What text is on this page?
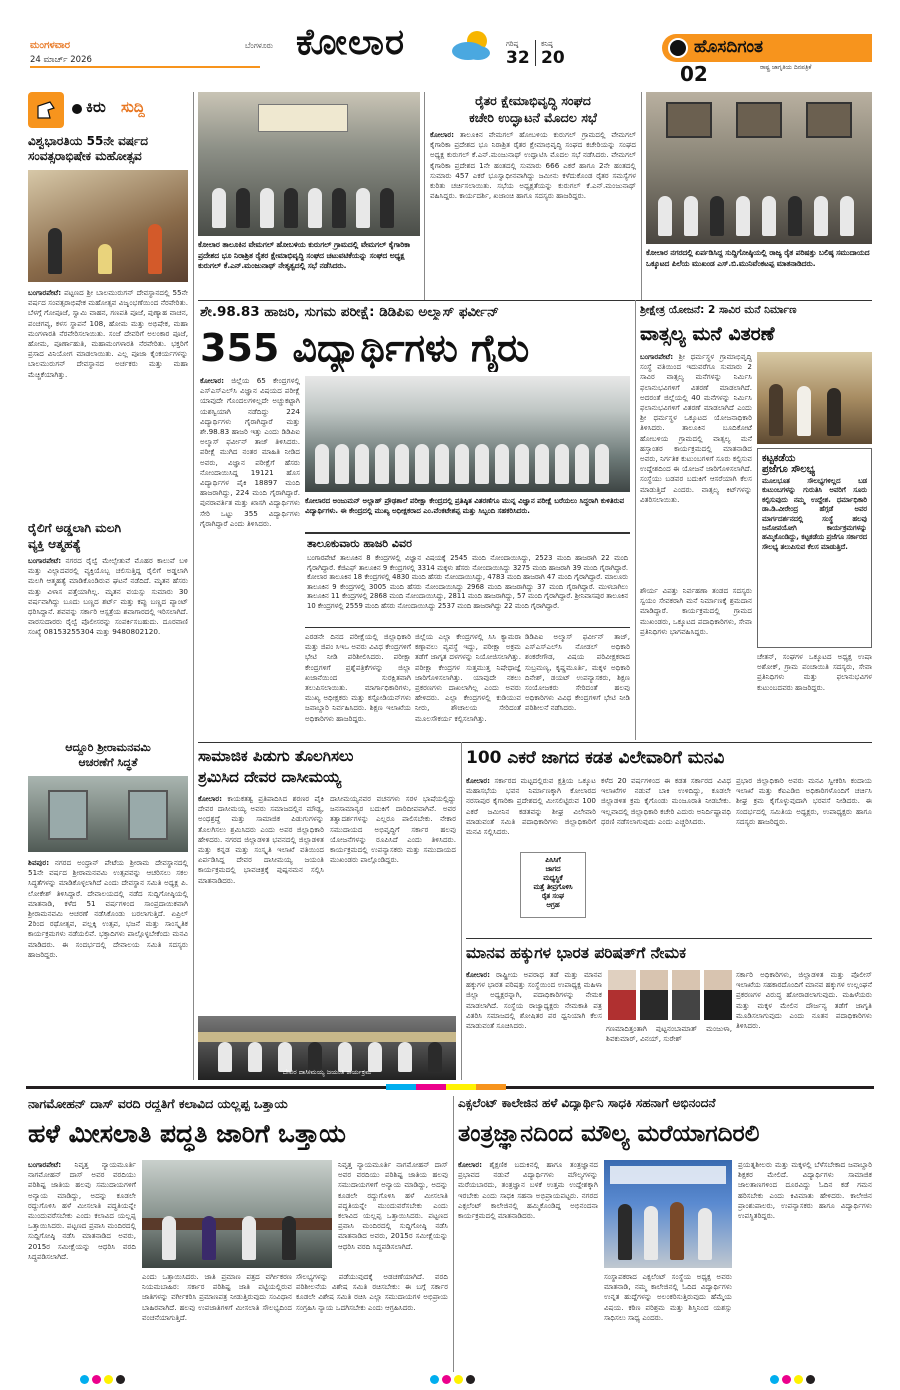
ಮಂಗಳವಾರ
24 ಮಾರ್ಚ್ 2026
ಬೆಂಗಳೂರು ಕೋಲಾರ	ಗರಿಷ್ಠ
32
ಕನಿಷ್ಠ
20
ಹೊಸದಿಗಂತ
ರಾಷ್ಟ್ರ ಜಾಗೃತಿಯ ದಿನಪತ್ರಿಕೆ
02
ಕಿರು ಸುದ್ದಿ
ವಿಶ್ವಭಾರತಿಯ 55ನೇ ವರ್ಷದ
ಸಂವತ್ಸರಾಭಿಷೇಕ ಮಹೋತ್ಸವ
ಬಂಗಾರಪೇಟೆ: ಪಟ್ಟಣದ ಶ್ರೀ ಬಾಲಮುರುಗನ್ ದೇವಸ್ಥಾನದಲ್ಲಿ 55ನೇ ವರ್ಷದ ಸಂವತ್ಸರಾಭಿಷೇಕ ಮಹೋತ್ಸವ ವಿಜೃಂಭಣೆಯಿಂದ ನೆರವೇರಿತು. ಬೆಳಗ್ಗೆ ಗೋಪೂಜೆ, ಸ್ವಾಮಿ ವಾಹನ, ಗಣಪತಿ ಪೂಜೆ, ಪುಣ್ಯಾಹ ವಾಚನ, ಪಂಚಗವ್ಯ, ಕಳಸ ಸ್ಥಾಪನೆ 108, ಹೋಮ ಮತ್ತು ಅಭಿಷೇಕ, ಮಹಾ ಮಂಗಳಾರತಿ ನೆರವೇರಿಸಲಾಯಿತು. ಸಂಜೆ ದೇವರಿಗೆ ಅಲಂಕಾರ ಪೂಜೆ, ಹೋಮ, ಪೂರ್ಣಾಹುತಿ, ಮಹಾಮಂಗಳಾರತಿ ನೆರವೇರಿತು. ಭಕ್ತರಿಗೆ ಪ್ರಸಾದ ವಿನಿಯೋಗ ಮಾಡಲಾಯಿತು. ಎಲ್ಲ ಪೂಜಾ ಕೈಂಕರ್ಯಗಳನ್ನು ಬಾಲಮುರುಗನ್ ದೇವಸ್ಥಾನದ ಅರ್ಚಕರು ಮತ್ತು ಮಹಾ ಮೆಚ್ಚಿಕೆಯಾಗಿತ್ತು.
ರೈಲಿಗೆ ಅಡ್ಡಲಾಗಿ ಮಲಗಿ
ವ್ಯಕ್ತಿ ಆತ್ಮಹತ್ಯೆ
ಬಂಗಾರಪೇಟೆ: ನಗರದ ರೈಲ್ವೆ ಮೇಲ್ಸೇತುವೆ ಮೊಹರ ಕಾಲುವೆ ಬಳಿ ಮತ್ತು ವಿಲ್ಲಾದವರಲ್ಲಿ ವ್ಯಕ್ತಿಯೊಬ್ಬ ಚಲಿಸುತ್ತಿದ್ದ ರೈಲಿಗೆ ಅಡ್ಡಲಾಗಿ ಮಲಗಿ ಆತ್ಮಹತ್ಯೆ ಮಾಡಿಕೊಂಡಿರುವ ಘಟನೆ ನಡೆದಿದೆ. ಮೃತನ ಹೆಸರು ಮತ್ತು ವಿಳಾಸ ಪತ್ತೆಯಾಗಿಲ್ಲ. ಮೃತನ ವಯಸ್ಸು ಸುಮಾರು 30 ವರ್ಷವಾಗಿದ್ದು ಬೂದು ಬಣ್ಣದ ಶರ್ಟ್ ಮತ್ತು ಕಪ್ಪು ಬಣ್ಣದ ಪ್ಯಾಂಟ್ ಧರಿಸಿದ್ದಾನೆ. ಶವವನ್ನು ಸರ್ಕಾರಿ ಆಸ್ಪತ್ರೆಯ ಶವಾಗಾರದಲ್ಲಿ ಇರಿಸಲಾಗಿದೆ. ವಾರಸುದಾರರು ರೈಲ್ವೆ ಪೊಲೀಸರನ್ನು ಸಂಪರ್ಕಿಸಬಹುದು. ದೂರವಾಣಿ ಸಂಖ್ಯೆ 08153255304 ಮತ್ತು 9480802120.
ಆದ್ದೂರಿ ಶ್ರೀರಾಮನವಮಿ
ಆಚರಣೆಗೆ ಸಿದ್ಧತೆ
ಶಿವಪುರ: ನಗರದ ಅಂಧ್ರಾನ್ ಪೇಟೆಯ ಶ್ರೀರಾಮ ದೇವಸ್ಥಾನದಲ್ಲಿ 51ನೇ ವರ್ಷದ ಶ್ರೀರಾಮನವಮಿ ಉತ್ಸವವನ್ನು ಆಚರಿಸಲು ಸಕಲ ಸಿದ್ಧತೆಗಳನ್ನು ಮಾಡಿಕೊಳ್ಳಲಾಗಿದೆ ಎಂದು ದೇವಸ್ಥಾನ ಸಮಿತಿ ಅಧ್ಯಕ್ಷ ಪಿ. ಲೋಕೇಶ್ ತಿಳಿಸಿದ್ದಾರೆ. ದೇವಾಲಯದಲ್ಲಿ ನಡೆದ ಸುದ್ದಿಗೋಷ್ಠಿಯಲ್ಲಿ ಮಾತನಾಡಿ, ಕಳೆದ 51 ವರ್ಷಗಳಿಂದ ಸಾಂಪ್ರದಾಯಿಕವಾಗಿ ಶ್ರೀರಾಮನವಮಿ ಆಚರಣೆ ನಡೆಸಿಕೊಂಡು ಬರಲಾಗುತ್ತಿದೆ. ಏಪ್ರಿಲ್ 2ರಿಂದ ರಥೋತ್ಸವ, ಪಲ್ಲಕ್ಕಿ ಉತ್ಸವ, ಭಜನೆ ಮತ್ತು ಸಾಂಸ್ಕೃತಿಕ ಕಾರ್ಯಕ್ರಮಗಳು ನಡೆಯಲಿವೆ. ಭಕ್ತಾದಿಗಳು ಪಾಲ್ಗೊಳ್ಳಬೇಕೆಂದು ಮನವಿ ಮಾಡಿದರು. ಈ ಸಂದರ್ಭದಲ್ಲಿ ದೇವಾಲಯ ಸಮಿತಿ ಸದಸ್ಯರು ಹಾಜರಿದ್ದರು.
ಕೋಲಾರ ತಾಲೂಕಿನ ವೇಮಗಲ್ ಹೋಬಳಿಯ ಕುರುಗಲ್ ಗ್ರಾಮದಲ್ಲಿ ವೇಮಗಲ್ ಕೈಗಾರಿಕಾ ಪ್ರದೇಶದ ಭೂ ನಿರಾಶ್ರಿತ ರೈತರ ಕ್ಷೇಮಾಭಿವೃದ್ಧಿ ಸಂಘದ ಚಟುವಟಿಕೆಯನ್ನು ಸಂಘದ ಅಧ್ಯಕ್ಷ ಕುರುಗಲ್ ಕೆ.ಎನ್.ಮಂಜುನಾಥ್ ನೇತೃತ್ವದಲ್ಲಿ ಸಭೆ ನಡೆಸಿದರು.
ರೈತರ ಕ್ಷೇಮಾಭಿವೃದ್ಧಿ ಸಂಘದ
ಕಚೇರಿ ಉದ್ಘಾಟನೆ ಮೊದಲ ಸಭೆ
ಕೋಲಾರ: ತಾಲೂಕಿನ ವೇಮಗಲ್ ಹೋಬಳಿಯ ಕುರುಗಲ್ ಗ್ರಾಮದಲ್ಲಿ ವೇಮಗಲ್ ಕೈಗಾರಿಕಾ ಪ್ರದೇಶದ ಭೂ ನಿರಾಶ್ರಿತ ರೈತರ ಕ್ಷೇಮಾಭಿವೃದ್ಧಿ ಸಂಘದ ಕಚೇರಿಯನ್ನು ಸಂಘದ ಅಧ್ಯಕ್ಷ ಕುರುಗಲ್ ಕೆ.ಎನ್.ಮಂಜುನಾಥ್ ಉದ್ಘಾಟಿಸಿ ಮೊದಲ ಸಭೆ ನಡೆಸಿದರು. ವೇಮಗಲ್ ಕೈಗಾರಿಕಾ ಪ್ರದೇಶದ 1ನೇ ಹಂತದಲ್ಲಿ ಸುಮಾರು 666 ಎಕರೆ ಹಾಗೂ 2ನೇ ಹಂತದಲ್ಲಿ ಸುಮಾರು 457 ಎಕರೆ ಭೂಸ್ವಾಧೀನವಾಗಿದ್ದು ಜಮೀನು ಕಳೆದುಕೊಂಡ ರೈತರ ಸಮಸ್ಯೆಗಳ ಕುರಿತು ಚರ್ಚಿಸಲಾಯಿತು. ಸಭೆಯ ಅಧ್ಯಕ್ಷತೆಯನ್ನು ಕುರುಗಲ್ ಕೆ.ಎನ್.ಮಂಜುನಾಥ್ ವಹಿಸಿದ್ದರು. ಕಾರ್ಯದರ್ಶಿ, ಖಜಾಂಚಿ ಹಾಗೂ ಸದಸ್ಯರು ಹಾಜರಿದ್ದರು.
ಕೋಲಾರ ನಗರದಲ್ಲಿ ಏರ್ಪಡಿಸಿದ್ದ ಸುದ್ದಿಗೋಷ್ಠಿಯಲ್ಲಿ ರಾಜ್ಯ ರೈತ ಪರಿಷತ್ತು ಬಲಿಷ್ಠ ಸಮುದಾಯದ ಒಕ್ಕೂಟದ ಪಿಲೆಯ ಮುಖಂಡ ಎಸ್.ಬಿ.ಮುನಿವೆಂಕಟಪ್ಪ ಮಾತನಾಡಿದರು.
ಶೇ.98.83 ಹಾಜರಿ, ಸುಗಮ ಪರೀಕ್ಷೆ: ಡಿಡಿಪಿಐ ಅಲ್ಮಾಸ್ ಫರ್ವೀನ್
355 ವಿದ್ಯಾರ್ಥಿಗಳು ಗೈರು
ಕೋಲಾರ: ಜಿಲ್ಲೆಯ 65 ಕೇಂದ್ರಗಳಲ್ಲಿ ಎಸ್ಎಸ್ಎಲ್‌ಸಿ ವಿಜ್ಞಾನ ವಿಷಯದ ಪರೀಕ್ಷೆ ಯಾವುದೇ ಗೊಂದಲಗಳಿಲ್ಲದೇ ಅಚ್ಚುಕಟ್ಟಾಗಿ ಯಶಸ್ವಿಯಾಗಿ ನಡೆದಿದ್ದು 224 ವಿದ್ಯಾರ್ಥಿಗಳು ಗೈರಾಗಿದ್ದಾರೆ ಮತ್ತು ಶೇ.98.83 ಹಾಜರಿ ಇತ್ತು ಎಂದು ಡಿಡಿಪಿಐ ಅಲ್ಮಾಸ್ ಫರ್ವೀನ್ ತಾಜ್ ತಿಳಿಸಿದರು. ಪರೀಕ್ಷೆ ಮುಗಿದ ನಂತರ ಮಾಹಿತಿ ನೀಡಿದ ಅವರು, ವಿಜ್ಞಾನ ಪರೀಕ್ಷೆಗೆ ಹೆಸರು ನೋಂದಾಯಿಸಿದ್ದ 19121 ಹೊಸ ವಿದ್ಯಾರ್ಥಿಗಳ ಪೈಕಿ 18897 ಮಂದಿ ಹಾಜರಾಗಿದ್ದು, 224 ಮಂದಿ ಗೈರಾಗಿದ್ದಾರೆ. ಪುನರಾವರ್ತಿತ ಮತ್ತು ಖಾಸಗಿ ವಿದ್ಯಾರ್ಥಿಗಳು ಸೇರಿ ಒಟ್ಟು 355 ವಿದ್ಯಾರ್ಥಿಗಳು ಗೈರಾಗಿದ್ದಾರೆ ಎಂದು ತಿಳಿಸಿದರು.
ಕೋಲಾರದ ಅಂಜುಮನ್ ಅಲ್ಲಾಹ್ ಪ್ರೌಢಶಾಲೆ ಪರೀಕ್ಷಾ ಕೇಂದ್ರದಲ್ಲಿ ಪ್ರತಿಷ್ಠಿತ ವಿತರಣೆಗೂ ಮುನ್ನ ವಿಜ್ಞಾನ ಪರೀಕ್ಷೆ ಬರೆಯಲು ಸಿದ್ಧರಾಗಿ ಕುಳಿತಿರುವ ವಿದ್ಯಾರ್ಥಿಗಳು. ಈ ಕೇಂದ್ರದಲ್ಲಿ ಮುಖ್ಯ ಅಧೀಕ್ಷಕರಾದ ಎಂ.ವೆಂಕಟೇಶಪ್ಪ ಮತ್ತು ಸಿಬ್ಬಂದಿ ಸಹಕರಿಸಿದರು.
ತಾಲೂಕುವಾರು ಹಾಜರಿ ವಿವರ
ಬಂಗಾರಪೇಟೆ ತಾಲೂಕಿನ 8 ಕೇಂದ್ರಗಳಲ್ಲಿ ವಿಜ್ಞಾನ ವಿಷಯಕ್ಕೆ 2545 ಮಂದಿ ನೋಂದಾಯಿಸಿದ್ದು, 2523 ಮಂದಿ ಹಾಜರಾಗಿ 22 ಮಂದಿ ಗೈರಾಗಿದ್ದಾರೆ. ಕೆಜಿಎಫ್ ತಾಲೂಕಿನ 9 ಕೇಂದ್ರಗಳಲ್ಲಿ 3314 ಮಕ್ಕಳು ಹೆಸರು ನೋಂದಾಯಿಸಿದ್ದು 3275 ಮಂದಿ ಹಾಜರಾಗಿ 39 ಮಂದಿ ಗೈರಾಗಿದ್ದಾರೆ. ಕೋಲಾರ ತಾಲೂಕಿನ 18 ಕೇಂದ್ರಗಳಲ್ಲಿ 4830 ಮಂದಿ ಹೆಸರು ನೋಂದಾಯಿಸಿದ್ದು, 4783 ಮಂದಿ ಹಾಜರಾಗಿ 47 ಮಂದಿ ಗೈರಾಗಿದ್ದಾರೆ. ಮಾಲೂರು ತಾಲೂಕಿನ 9 ಕೇಂದ್ರಗಳಲ್ಲಿ 3005 ಮಂದಿ ಹೆಸರು ನೋಂದಾಯಿಸಿದ್ದು 2968 ಮಂದಿ ಹಾಜರಾಗಿದ್ದು 37 ಮಂದಿ ಗೈರಾಗಿದ್ದಾರೆ. ಮುಳಬಾಗಿಲು ತಾಲೂಕಿನ 11 ಕೇಂದ್ರಗಳಲ್ಲಿ 2868 ಮಂದಿ ನೋಂದಾಯಿಸಿದ್ದು, 2811 ಮಂದಿ ಹಾಜರಾಗಿದ್ದು, 57 ಮಂದಿ ಗೈರಾಗಿದ್ದಾರೆ. ಶ್ರೀನಿವಾಸಪುರ ತಾಲೂಕಿನ 10 ಕೇಂದ್ರಗಳಲ್ಲಿ 2559 ಮಂದಿ ಹೆಸರು ನೋಂದಾಯಿಸಿದ್ದು 2537 ಮಂದಿ ಹಾಜರಾಗಿದ್ದು 22 ಮಂದಿ ಗೈರಾಗಿದ್ದಾರೆ.
ಎರಡನೇ ದಿನದ ಪರೀಕ್ಷೆಯಲ್ಲಿ ಜಿಲ್ಲಾಧಿಕಾರಿ ಮತ್ತು ಜಿಪಂ ಸಿಇಒ ಅವರು ವಿವಿಧ ಕೇಂದ್ರಗಳಿಗೆ ಭೇಟಿ ನೀಡಿ ಪರಿಶೀಲಿಸಿದರು. ಪರೀಕ್ಷಾ ಕೇಂದ್ರಗಳಿಗೆ ಪ್ರಶ್ನೆಪತ್ರಿಕೆಗಳನ್ನು ಜಿಲ್ಲಾ ಖಜಾನೆಯಿಂದ ಸುರಕ್ಷಿತವಾಗಿ ತಲುಪಿಸಲಾಯಿತು. ಮಾರ್ಗಾಧಿಕಾರಿಗಳು, ಮುಖ್ಯ ಅಧೀಕ್ಷಕರು ಮತ್ತು ಕಸ್ಟೋಡಿಯನ್‌ಗಳು ಜವಾಬ್ದಾರಿ ನಿರ್ವಹಿಸಿದರು. ಶಿಕ್ಷಣ ಇಲಾಖೆಯ ಅಧಿಕಾರಿಗಳು ಹಾಜರಿದ್ದರು.
ಜಿಲ್ಲೆಯ ಎಲ್ಲಾ ಕೇಂದ್ರಗಳಲ್ಲಿ ಸಿಸಿ ಕ್ಯಾಮರಾ ಕಣ್ಗಾವಲು ವ್ಯವಸ್ಥೆ ಇದ್ದು, ಪರೀಕ್ಷಾ ಅಕ್ರಮ ತಡೆಗೆ ಜಾಗೃತ ದಳಗಳನ್ನು ನಿಯೋಜಿಸಲಾಗಿತ್ತು. ಪರೀಕ್ಷಾ ಕೇಂದ್ರಗಳ ಸುತ್ತಮುತ್ತ ನಿಷೇಧಾಜ್ಞೆ ಜಾರಿಗೊಳಿಸಲಾಗಿತ್ತು. ಯಾವುದೇ ನಕಲು ಪ್ರಕರಣಗಳು ದಾಖಲಾಗಿಲ್ಲ ಎಂದು ಅವರು ಹೇಳಿದರು. ಎಲ್ಲಾ ಕೇಂದ್ರಗಳಲ್ಲಿ ಕುಡಿಯುವ ನೀರು, ಶೌಚಾಲಯ ಸೇರಿದಂತೆ ಮೂಲಸೌಕರ್ಯ ಕಲ್ಪಿಸಲಾಗಿತ್ತು.
ಡಿಡಿಪಿಐ ಅಲ್ಮಾಸ್ ಫರ್ವೀನ್ ತಾಜ್, ಎಸ್ಎಸ್ಎಲ್‌ಸಿ ನೋಡಲ್ ಅಧಿಕಾರಿ ಶಂಕರೇಗೌಡ, ವಿಷಯ ಪರಿವೀಕ್ಷಕರಾದ ಸುಬ್ರಮಣ್ಯ, ಕೃಷ್ಣಮೂರ್ತಿ, ಮಕ್ಕಳ ಅಧಿಕಾರಿ ದಿನೇಶ್, ಡಯಟ್ ಉಪನ್ಯಾಸಕರು, ಶಿಕ್ಷಣ ಸಂಯೋಜಕರು ಸೇರಿದಂತೆ ಹಲವು ಅಧಿಕಾರಿಗಳು ವಿವಿಧ ಕೇಂದ್ರಗಳಿಗೆ ಭೇಟಿ ನೀಡಿ ಪರಿಶೀಲನೆ ನಡೆಸಿದರು.
ಶ್ರೀಕ್ಷೇತ್ರ ಯೋಜನೆ: 2 ಸಾವಿರ ಮನೆ ನಿರ್ಮಾಣ
ವಾತ್ಸಲ್ಯ ಮನೆ ವಿತರಣೆ
ಬಂಗಾರಪೇಟೆ: ಶ್ರೀ ಧರ್ಮಸ್ಥಳ ಗ್ರಾಮಾಭಿವೃದ್ಧಿ ಸಂಸ್ಥೆ ವತಿಯಿಂದ ಇದುವರೆಗೂ ಸುಮಾರು 2 ಸಾವಿರ ವಾತ್ಸಲ್ಯ ಮನೆಗಳನ್ನು ನಿರ್ಮಿಸಿ ಫಲಾನುಭವಿಗಳಿಗೆ ವಿತರಣೆ ಮಾಡಲಾಗಿದೆ. ಅದರಂತೆ ಜಿಲ್ಲೆಯಲ್ಲಿ 40 ಮನೆಗಳನ್ನು ನಿರ್ಮಿಸಿ ಫಲಾನುಭವಿಗಳಿಗೆ ವಿತರಣೆ ಮಾಡಲಾಗಿದೆ ಎಂದು ಶ್ರೀ ಧರ್ಮಸ್ಥಳ ಒಕ್ಕೂಟದ ಯೋಜನಾಧಿಕಾರಿ ತಿಳಿಸಿದರು. ತಾಲೂಕಿನ ಬೂದಿಕೋಟೆ ಹೋಬಳಿಯ ಗ್ರಾಮದಲ್ಲಿ ವಾತ್ಸಲ್ಯ ಮನೆ ಹಸ್ತಾಂತರ ಕಾರ್ಯಕ್ರಮದಲ್ಲಿ ಮಾತನಾಡಿದ ಅವರು, ನಿರ್ಗತಿಕ ಕುಟುಂಬಗಳಿಗೆ ಸೂರು ಕಲ್ಪಿಸುವ ಉದ್ದೇಶದಿಂದ ಈ ಯೋಜನೆ ಜಾರಿಗೊಳಿಸಲಾಗಿದೆ. ಸಂಸ್ಥೆಯು ಬಡವರ ಬದುಕಿಗೆ ಆಸರೆಯಾಗಿ ಕೆಲಸ ಮಾಡುತ್ತಿದೆ ಎಂದರು. ವಾತ್ಸಲ್ಯ ಕಿಟ್‌ಗಳನ್ನು ವಿತರಿಸಲಾಯಿತು.
ಕಟ್ಟಕಡೆಯ
ಪ್ರಜೆಗೂ ಸೌಲಭ್ಯ
ಮೂಲಭೂತ ಸೌಲಭ್ಯಗಳಿಲ್ಲದ ಬಡ ಕುಟುಂಬಗಳನ್ನು ಗುರುತಿಸಿ ಅವರಿಗೆ ಸೂರು ಕಲ್ಪಿಸುವುದು ನಮ್ಮ ಉದ್ದೇಶ. ಧರ್ಮಾಧಿಕಾರಿ ಡಾ.ಡಿ.ವೀರೇಂದ್ರ ಹೆಗ್ಗಡೆ ಅವರ ಮಾರ್ಗದರ್ಶನದಲ್ಲಿ ಸಂಸ್ಥೆ ಹಲವು ಜನೋಪಯೋಗಿ ಕಾರ್ಯಕ್ರಮಗಳನ್ನು ಹಮ್ಮಿಕೊಂಡಿದ್ದು, ಕಟ್ಟಕಡೆಯ ಪ್ರಜೆಗೂ ಸರ್ಕಾರದ ಸೌಲಭ್ಯ ತಲುಪಿಸುವ ಕೆಲಸ ಮಾಡುತ್ತಿದೆ.
ಶೌರ್ಯ ವಿಪತ್ತು ನಿರ್ವಹಣಾ ತಂಡದ ಸದಸ್ಯರು ಸ್ವಯಂ ಸೇವಕರಾಗಿ ಮನೆ ನಿರ್ಮಾಣಕ್ಕೆ ಶ್ರಮದಾನ ಮಾಡಿದ್ದಾರೆ. ಕಾರ್ಯಕ್ರಮದಲ್ಲಿ ಗ್ರಾಮದ ಮುಖಂಡರು, ಒಕ್ಕೂಟದ ಪದಾಧಿಕಾರಿಗಳು, ಸೇವಾ ಪ್ರತಿನಿಧಿಗಳು ಭಾಗವಹಿಸಿದ್ದರು.
ಚೇತನ್, ಸಂಘಗಳ ಒಕ್ಕೂಟದ ಅಧ್ಯಕ್ಷ ಉಷಾ ಅಶೋಕ್, ಗ್ರಾಮ ಪಂಚಾಯಿತಿ ಸದಸ್ಯರು, ಸೇವಾ ಪ್ರತಿನಿಧಿಗಳು ಮತ್ತು ಫಲಾನುಭವಿಗಳ ಕುಟುಂಬದವರು ಹಾಜರಿದ್ದರು.
ಸಾಮಾಜಿಕ ಪಿಡುಗು ತೊಲಗಿಸಲು
ಶ್ರಮಿಸಿದ ದೇವರ ದಾಸೀಮಯ್ಯ
ಕೋಲಾರ: ಕಾಯಕತತ್ವ ಪ್ರತಿಪಾದಿಸಿದ ಶರಣರ ಪೈಕಿ ದೇವರ ದಾಸೀಮಯ್ಯ ಅವರು ಸಮಾಜದಲ್ಲಿನ ಮೌಢ್ಯ, ಅಂಧಶ್ರದ್ಧೆ ಮತ್ತು ಸಾಮಾಜಿಕ ಪಿಡುಗುಗಳನ್ನು ತೊಲಗಿಸಲು ಶ್ರಮಿಸಿದರು ಎಂದು ಅಪರ ಜಿಲ್ಲಾಧಿಕಾರಿ ಹೇಳಿದರು. ನಗರದ ಜಿಲ್ಲಾಡಳಿತ ಭವನದಲ್ಲಿ ಜಿಲ್ಲಾಡಳಿತ ಮತ್ತು ಕನ್ನಡ ಮತ್ತು ಸಂಸ್ಕೃತಿ ಇಲಾಖೆ ವತಿಯಿಂದ ಏರ್ಪಡಿಸಿದ್ದ ದೇವರ ದಾಸೀಮಯ್ಯ ಜಯಂತಿ ಕಾರ್ಯಕ್ರಮದಲ್ಲಿ ಭಾವಚಿತ್ರಕ್ಕೆ ಪುಷ್ಪನಮನ ಸಲ್ಲಿಸಿ ಮಾತನಾಡಿದರು.
ದಾಸೀಮಯ್ಯನವರ ವಚನಗಳು ಸರಳ ಭಾಷೆಯಲ್ಲಿದ್ದು ಜನಸಾಮಾನ್ಯರ ಬದುಕಿಗೆ ದಾರಿದೀಪವಾಗಿವೆ. ಅವರ ತತ್ವಾದರ್ಶಗಳನ್ನು ಎಲ್ಲರೂ ಪಾಲಿಸಬೇಕು. ನೇಕಾರ ಸಮುದಾಯದ ಅಭಿವೃದ್ಧಿಗೆ ಸರ್ಕಾರ ಹಲವು ಯೋಜನೆಗಳನ್ನು ರೂಪಿಸಿದೆ ಎಂದು ತಿಳಿಸಿದರು. ಕಾರ್ಯಕ್ರಮದಲ್ಲಿ ಉಪನ್ಯಾಸಕರು ಮತ್ತು ಸಮುದಾಯದ ಮುಖಂಡರು ಪಾಲ್ಗೊಂಡಿದ್ದರು.
ದೇವರ ದಾಸೀಮಯ್ಯ ಜಯಂತಿ ಕಾರ್ಯಕ್ರಮ
100 ಎಕರೆ ಜಾಗದ ಕಡತ ವಿಲೇವಾರಿಗೆ ಮನವಿ
ಕೋಲಾರ: ಸರ್ಕಾರದ ಮಟ್ಟದಲ್ಲಿರುವ ಕ್ಷತ್ರಿಯ ಒಕ್ಕೂಟ ಮಹಾಸಭೆಯ ಭವನ ನಿರ್ಮಾಣಕ್ಕಾಗಿ ಕೋಲಾರದ ನರಸಾಪುರ ಕೈಗಾರಿಕಾ ಪ್ರದೇಶದಲ್ಲಿ ಮೀಸಲಿಟ್ಟಿರುವ 100 ಎಕರೆ ಜಮೀನಿನ ಕಡತವನ್ನು ಶೀಘ್ರ ವಿಲೇವಾರಿ ಮಾಡುವಂತೆ ಸಮಿತಿ ಪದಾಧಿಕಾರಿಗಳು ಜಿಲ್ಲಾಧಿಕಾರಿಗೆ ಮನವಿ ಸಲ್ಲಿಸಿದರು.
ಪಿಸಿಸಿಗೆ
ಜಾಗದ
ಮಧ್ಯಸ್ಥಿಕೆ
ಮತ್ತೆ ತೀವ್ರಗೊಳಿಸಿ
ರೈತ ಸಂಘ
ಆಗ್ರಹ
ಕಳೆದ 20 ವರ್ಷಗಳಿಂದ ಈ ಕಡತ ಸರ್ಕಾರದ ವಿವಿಧ ಇಲಾಖೆಗಳ ನಡುವೆ ಬಾಕಿ ಉಳಿದಿದ್ದು, ಕೂಡಲೇ ಜಿಲ್ಲಾಡಳಿತ ಕ್ರಮ ಕೈಗೊಂಡು ಮಂಜೂರಾತಿ ನೀಡಬೇಕು. ಇಲ್ಲವಾದಲ್ಲಿ ಜಿಲ್ಲಾಧಿಕಾರಿ ಕಚೇರಿ ಎದುರು ಅನಿರ್ದಿಷ್ಟಾವಧಿ ಧರಣಿ ನಡೆಸಲಾಗುವುದು ಎಂದು ಎಚ್ಚರಿಸಿದರು.
ಪ್ರಭಾರ ಜಿಲ್ಲಾಧಿಕಾರಿ ಅವರು ಮನವಿ ಸ್ವೀಕರಿಸಿ ಕಂದಾಯ ಇಲಾಖೆ ಮತ್ತು ಕೆಐಎಡಿಬಿ ಅಧಿಕಾರಿಗಳೊಂದಿಗೆ ಚರ್ಚಿಸಿ ಶೀಘ್ರ ಕ್ರಮ ಕೈಗೊಳ್ಳುವುದಾಗಿ ಭರವಸೆ ನೀಡಿದರು. ಈ ಸಂದರ್ಭದಲ್ಲಿ ಸಮಿತಿಯ ಅಧ್ಯಕ್ಷರು, ಉಪಾಧ್ಯಕ್ಷರು ಹಾಗೂ ಸದಸ್ಯರು ಹಾಜರಿದ್ದರು.
ಮಾನವ ಹಕ್ಕುಗಳ ಭಾರತ ಪರಿಷತ್‌ಗೆ ನೇಮಕ
ಕೋಲಾರ: ರಾಷ್ಟ್ರೀಯ ಅಪರಾಧ ತಡೆ ಮತ್ತು ಮಾನವ ಹಕ್ಕುಗಳ ಭಾರತ ಪರಿಷತ್ತು ಸಂಸ್ಥೆಯಿಂದ ಉಪಾಧ್ಯಕ್ಷ ಮಹಿಳಾ ಜಿಲ್ಲಾ ಅಧ್ಯಕ್ಷರನ್ನಾಗಿ, ಪದಾಧಿಕಾರಿಗಳನ್ನು ನೇಮಕ ಮಾಡಲಾಗಿದೆ. ಸಂಸ್ಥೆಯ ರಾಜ್ಯಾಧ್ಯಕ್ಷರು ನೇಮಕಾತಿ ಪತ್ರ ವಿತರಿಸಿ ಸಮಾಜದಲ್ಲಿ ಶೋಷಿತರ ಪರ ಧ್ವನಿಯಾಗಿ ಕೆಲಸ ಮಾಡುವಂತೆ ಸೂಚಿಸಿದರು.	ಗಣಮಾದಿತ್ತಂತಾಗಿ ಪುಟ್ಟನಂಬಾಮಾತ್ ಮಂಜುಳಾ, ಶಿವಕುಮಾರ್, ವಿನಯ್, ಸುರೇಶ್
ಸರ್ಕಾರಿ ಅಧಿಕಾರಿಗಳು, ಜಿಲ್ಲಾಡಳಿತ ಮತ್ತು ಪೊಲೀಸ್ ಇಲಾಖೆಯ ಸಹಕಾರದೊಂದಿಗೆ ಮಾನವ ಹಕ್ಕುಗಳ ಉಲ್ಲಂಘನೆ ಪ್ರಕರಣಗಳ ವಿರುದ್ಧ ಹೋರಾಡಲಾಗುವುದು. ಮಹಿಳೆಯರು ಮತ್ತು ಮಕ್ಕಳ ಮೇಲಿನ ದೌರ್ಜನ್ಯ ತಡೆಗೆ ಜಾಗೃತಿ ಮೂಡಿಸಲಾಗುವುದು ಎಂದು ನೂತನ ಪದಾಧಿಕಾರಿಗಳು ತಿಳಿಸಿದರು.
ನಾಗಮೋಹನ್ ದಾಸ್ ವರದಿ ರದ್ದತಿಗೆ ಕಲಾವಿದ ಯಲ್ಲಪ್ಪ ಒತ್ತಾಯ
ಹಳೆ ಮೀಸಲಾತಿ ಪದ್ಧತಿ ಜಾರಿಗೆ ಒತ್ತಾಯ
ಬಂಗಾರಪೇಟೆ: ನಿವೃತ್ತ ನ್ಯಾಯಮೂರ್ತಿ ನಾಗಮೋಹನ್ ದಾಸ್ ಅವರ ವರದಿಯು ಪರಿಶಿಷ್ಟ ಜಾತಿಯ ಹಲವು ಸಮುದಾಯಗಳಿಗೆ ಅನ್ಯಾಯ ಮಾಡಿದ್ದು, ಅದನ್ನು ಕೂಡಲೇ ರದ್ದುಗೊಳಿಸಿ ಹಳೆ ಮೀಸಲಾತಿ ಪದ್ಧತಿಯನ್ನೇ ಮುಂದುವರೆಸಬೇಕು ಎಂದು ಕಲಾವಿದ ಯಲ್ಲಪ್ಪ ಒತ್ತಾಯಿಸಿದರು. ಪಟ್ಟಣದ ಪ್ರವಾಸಿ ಮಂದಿರದಲ್ಲಿ ಸುದ್ದಿಗೋಷ್ಠಿ ನಡೆಸಿ ಮಾತನಾಡಿದ ಅವರು, 2015ರ ಸಮೀಕ್ಷೆಯನ್ನು ಆಧರಿಸಿ ವರದಿ ಸಿದ್ಧಪಡಿಸಲಾಗಿದೆ.
ಎಂದು ಒತ್ತಾಯಿಸಿದರು. ಜಾತಿ ಪ್ರಮಾಣ ಪತ್ರದ ವರ್ಗೀಕರಣ ನಿಯಮಬಾಹಿರ: ಸರ್ಕಾರ ಪರಿಶಿಷ್ಟ ಜಾತಿ ಪಟ್ಟಿಯಲ್ಲಿರುವ ಜಾತಿಗಳನ್ನು ವರ್ಗೀಕರಿಸಿ ಪ್ರಮಾಣಪತ್ರ ನೀಡುತ್ತಿರುವುದು ಸಂವಿಧಾನ ಬಾಹಿರವಾಗಿದೆ. ಹಲವು ಉಪಜಾತಿಗಳಿಗೆ ಮೀಸಲಾತಿ ಸೌಲಭ್ಯದಿಂದ ವಂಚನೆಯಾಗುತ್ತಿದೆ.
ಸೌಲಭ್ಯಗಳನ್ನು ಪಡೆಯುವುದಕ್ಕೆ ಅಡಚಣೆಯಾಗಿದೆ. ವರದಿ ಪರಿಶೀಲನೆಯ ವಿಶೇಷ ಸಮಿತಿ ರಚಿಸಬೇಕು: ಈ ಬಗ್ಗೆ ಸರ್ಕಾರ ಕೂಡಲೇ ವಿಶೇಷ ಸಮಿತಿ ರಚಿಸಿ ಎಲ್ಲಾ ಸಮುದಾಯಗಳ ಅಭಿಪ್ರಾಯ ಸಂಗ್ರಹಿಸಿ ನ್ಯಾಯ ಒದಗಿಸಬೇಕು ಎಂದು ಆಗ್ರಹಿಸಿದರು.
ನಿವೃತ್ತ ನ್ಯಾಯಮೂರ್ತಿ ನಾಗಮೋಹನ್ ದಾಸ್ ಅವರ ವರದಿಯು ಪರಿಶಿಷ್ಟ ಜಾತಿಯ ಹಲವು ಸಮುದಾಯಗಳಿಗೆ ಅನ್ಯಾಯ ಮಾಡಿದ್ದು, ಅದನ್ನು ಕೂಡಲೇ ರದ್ದುಗೊಳಿಸಿ ಹಳೆ ಮೀಸಲಾತಿ ಪದ್ಧತಿಯನ್ನೇ ಮುಂದುವರೆಸಬೇಕು ಎಂದು ಕಲಾವಿದ ಯಲ್ಲಪ್ಪ ಒತ್ತಾಯಿಸಿದರು. ಪಟ್ಟಣದ ಪ್ರವಾಸಿ ಮಂದಿರದಲ್ಲಿ ಸುದ್ದಿಗೋಷ್ಠಿ ನಡೆಸಿ ಮಾತನಾಡಿದ ಅವರು, 2015ರ ಸಮೀಕ್ಷೆಯನ್ನು ಆಧರಿಸಿ ವರದಿ ಸಿದ್ಧಪಡಿಸಲಾಗಿದೆ.
ಎಕ್ಸಲೆಂಟ್ ಕಾಲೇಜಿನ ಹಳೆ ವಿದ್ಯಾರ್ಥಿನಿ ಸಾಧಕಿ ಸಹನಾಗೆ ಅಭಿನಂದನೆ
ತಂತ್ರಜ್ಞಾನದಿಂದ ಮೌಲ್ಯ ಮರೆಯಾಗದಿರಲಿ
ಕೋಲಾರ: ಶೈಕ್ಷಣಿಕ ಬದುಕಿನಲ್ಲಿ ಹಾಗೂ ತಂತ್ರಜ್ಞಾನದ ಪ್ರಭಾವದ ನಡುವೆ ವಿದ್ಯಾರ್ಥಿಗಳು ಮೌಲ್ಯಗಳನ್ನು ಮರೆಯಬಾರದು, ತಂತ್ರಜ್ಞಾನ ಬಳಕೆ ಉತ್ತಮ ಉದ್ದೇಶಕ್ಕಾಗಿ ಇರಬೇಕು ಎಂದು ಸಾಧಕಿ ಸಹನಾ ಅಭಿಪ್ರಾಯಪಟ್ಟರು. ನಗರದ ಎಕ್ಸಲೆಂಟ್ ಕಾಲೇಜಿನಲ್ಲಿ ಹಮ್ಮಿಕೊಂಡಿದ್ದ ಅಭಿನಂದನಾ ಕಾರ್ಯಕ್ರಮದಲ್ಲಿ ಮಾತನಾಡಿದರು.
ಸಂಸ್ಥಾಪಕರಾದ ಎಕ್ಸಲೆಂಟ್ ಸಂಸ್ಥೆಯ ಅಧ್ಯಕ್ಷ ಅವರು ಮಾತನಾಡಿ, ನಮ್ಮ ಕಾಲೇಜಿನಲ್ಲಿ ಓದಿದ ವಿದ್ಯಾರ್ಥಿಗಳು ಉನ್ನತ ಹುದ್ದೆಗಳನ್ನು ಅಲಂಕರಿಸುತ್ತಿರುವುದು ಹೆಮ್ಮೆಯ ವಿಷಯ. ಕಠಿಣ ಪರಿಶ್ರಮ ಮತ್ತು ಶಿಸ್ತಿನಿಂದ ಯಶಸ್ಸು ಸಾಧಿಸಲು ಸಾಧ್ಯ ಎಂದರು.
ಪ್ರಯತ್ನಶೀಲರು ಮತ್ತು ಮಕ್ಕಳಲ್ಲಿ ಬೆಳೆಸಬೇಕಾದ ಜವಾಬ್ದಾರಿ ಶಿಕ್ಷಕರ ಮೇಲಿದೆ. ವಿದ್ಯಾರ್ಥಿಗಳು ಸಾಮಾಜಿಕ ಜಾಲತಾಣಗಳಿಂದ ದೂರವಿದ್ದು ಓದಿನ ಕಡೆ ಗಮನ ಹರಿಸಬೇಕು ಎಂದು ಕಿವಿಮಾತು ಹೇಳಿದರು. ಕಾಲೇಜಿನ ಪ್ರಾಂಶುಪಾಲರು, ಉಪನ್ಯಾಸಕರು ಹಾಗೂ ವಿದ್ಯಾರ್ಥಿಗಳು ಉಪಸ್ಥಿತರಿದ್ದರು.
